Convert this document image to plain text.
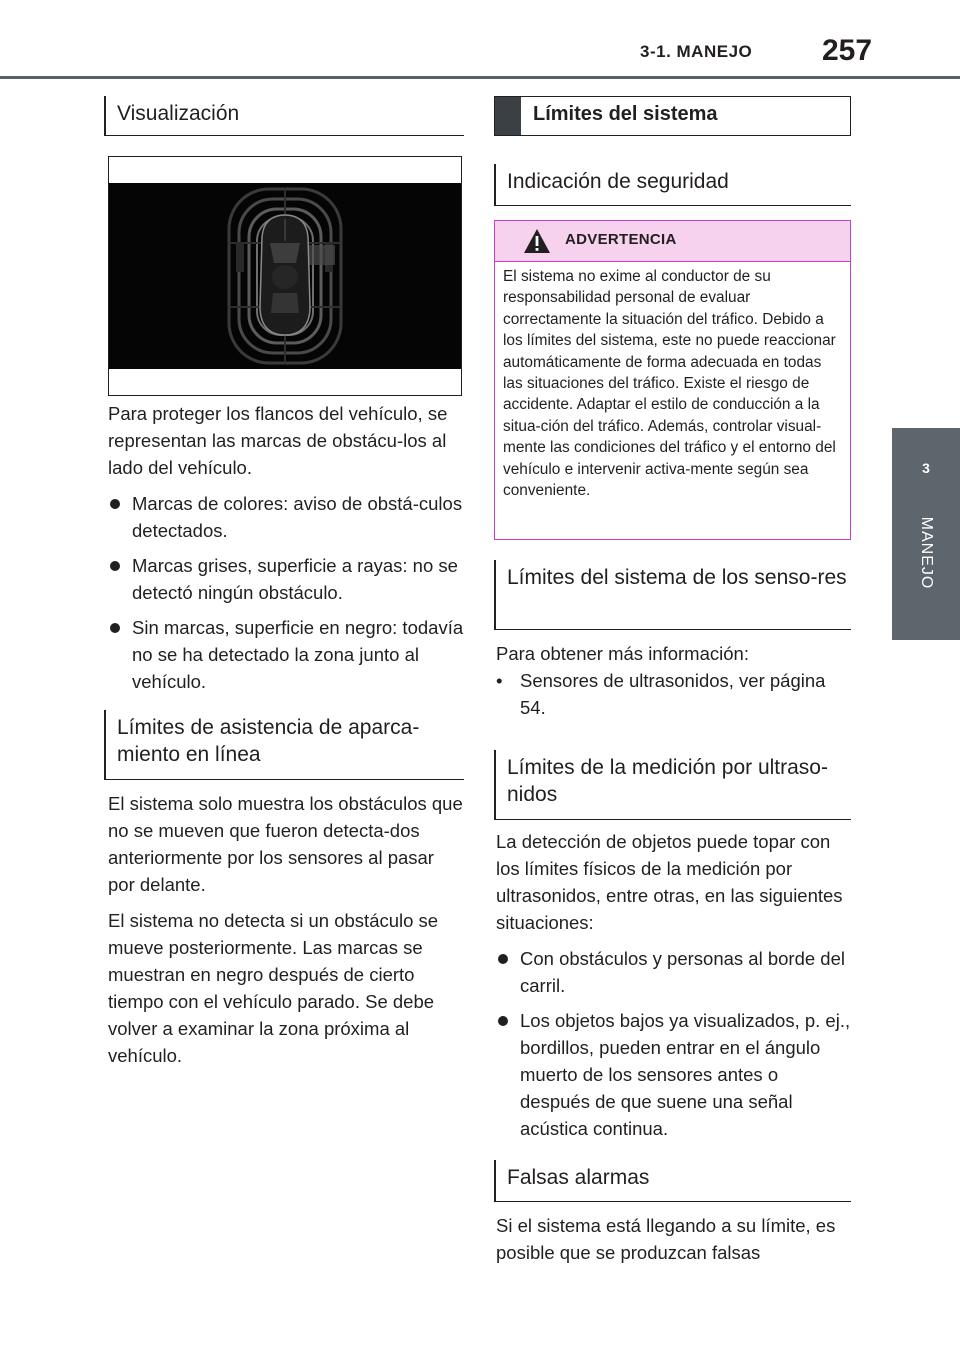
3-1. MANEJO 257
3
MANEJO
Visualización
Para proteger los flancos del vehículo, se representan las marcas de obstácu-los al lado del vehículo.
Marcas de colores: aviso de obstá-culos detectados.
Marcas grises, superficie a rayas: no se detectó ningún obstáculo.
Sin marcas, superficie en negro: todavía no se ha detectado la zona junto al vehículo.
Límites de asistencia de aparca-miento en línea
El sistema solo muestra los obstáculos que no se mueven que fueron detecta-dos anteriormente por los sensores al pasar por delante.
El sistema no detecta si un obstáculo se mueve posteriormente. Las marcas se muestran en negro después de cierto tiempo con el vehículo parado. Se debe volver a examinar la zona próxima al vehículo.
Límites del sistema
Indicación de seguridad
ADVERTENCIA
El sistema no exime al conductor de su responsabilidad personal de evaluar correctamente la situación del tráfico. Debido a los límites del sistema, este no puede reaccionar automáticamente de forma adecuada en todas las situaciones del tráfico. Existe el riesgo de accidente. Adaptar el estilo de conducción a la situa-ción del tráfico. Además, controlar visual-mente las condiciones del tráfico y el entorno del vehículo e intervenir activa-mente según sea conveniente.
Límites del sistema de los senso-res
Para obtener más información:
• Sensores de ultrasonidos, ver página 54.
Límites de la medición por ultraso-nidos
La detección de objetos puede topar con los límites físicos de la medición por ultrasonidos, entre otras, en las siguientes situaciones:
Con obstáculos y personas al borde del carril.
Los objetos bajos ya visualizados, p. ej., bordillos, pueden entrar en el ángulo muerto de los sensores antes o después de que suene una señal acústica continua.
Falsas alarmas
Si el sistema está llegando a su límite, es posible que se produzcan falsas
